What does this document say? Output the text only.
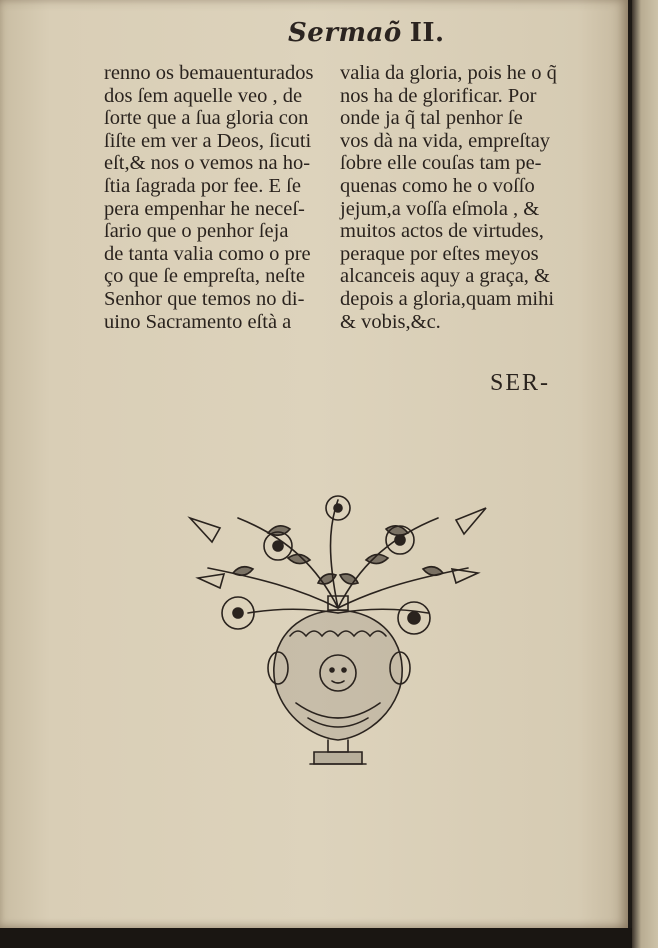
Sermaõ II.
renno os bemauenturados
dos ſem aquelle veo , de
ſorte que a ſua gloria con
ſiſte em ver a Deos, ſicuti
eſt,& nos o vemos na ho-
ſtia ſagrada por fee. E ſe
pera empenhar he neceſ-
ſario que o penhor ſeja
de tanta valia como o pre
ço que ſe empreſta, neſte
Senhor que temos no di-
uino Sacramento eſtà a
valia da gloria, pois he o q̃
nos ha de glorificar. Por
onde ja q̃ tal penhor ſe
vos dà na vida, empreſtay
ſobre elle couſas tam pe-
quenas como he o voſſo
jejum,a voſſa eſmola , &
muitos actos de virtudes,
peraque por eſtes meyos
alcanceis aquy a graça, &
depois a gloria,quam mihi
& vobis,&c.
SER-
